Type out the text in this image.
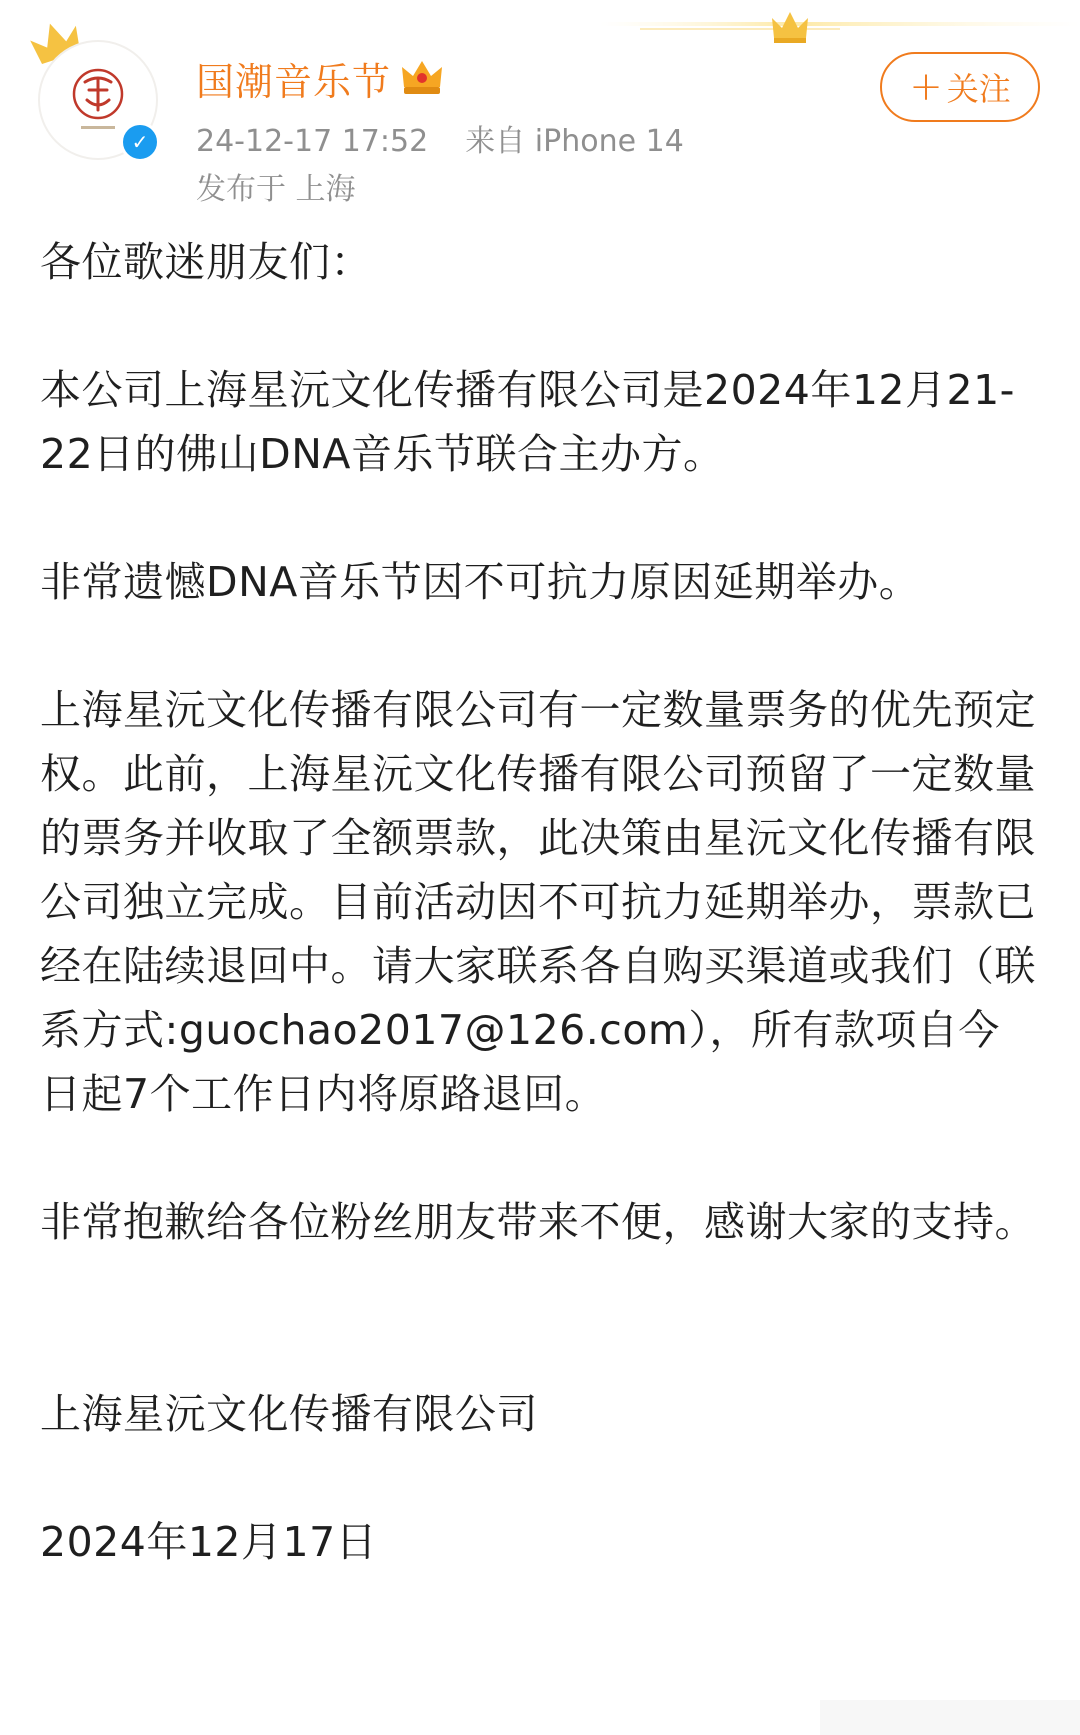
✓
国潮音乐节
24-12-17 17:52 来自 iPhone 14
发布于 上海
+ 关注

各位歌迷朋友们：

本公司上海星沅文化传播有限公司是2024年12月21-22日的佛山DNA音乐节联合主办方。

非常遗憾DNA音乐节因不可抗力原因延期举办。

上海星沅文化传播有限公司有一定数量票务的优先预定权。此前，上海星沅文化传播有限公司预留了一定数量的票务并收取了全额票款，此决策由星沅文化传播有限公司独立完成。目前活动因不可抗力延期举办，票款已经在陆续退回中。请大家联系各自购买渠道或我们（联系方式:guochao2017@126.com），所有款项自今日起7个工作日内将原路退回。

非常抱歉给各位粉丝朋友带来不便，感谢大家的支持。

上海星沅文化传播有限公司

2024年12月17日
